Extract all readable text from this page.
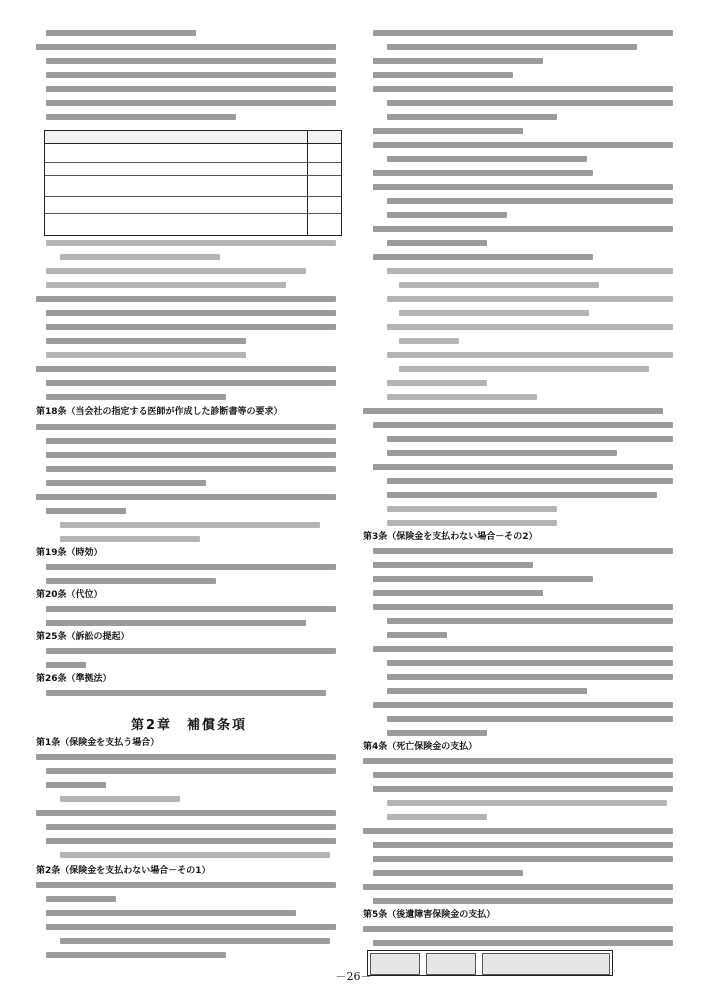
第18条（当会社の指定する医師が作成した診断書等の要求）
第19条（時効）
第20条（代位）
第25条（訴訟の提起）
第26条（準拠法）
第2章　補償条項
第1条（保険金を支払う場合）
第2条（保険金を支払わない場合－その1）
第3条（保険金を支払わない場合－その2）
第4条（死亡保険金の支払）
第5条（後遺障害保険金の支払）
－26－
